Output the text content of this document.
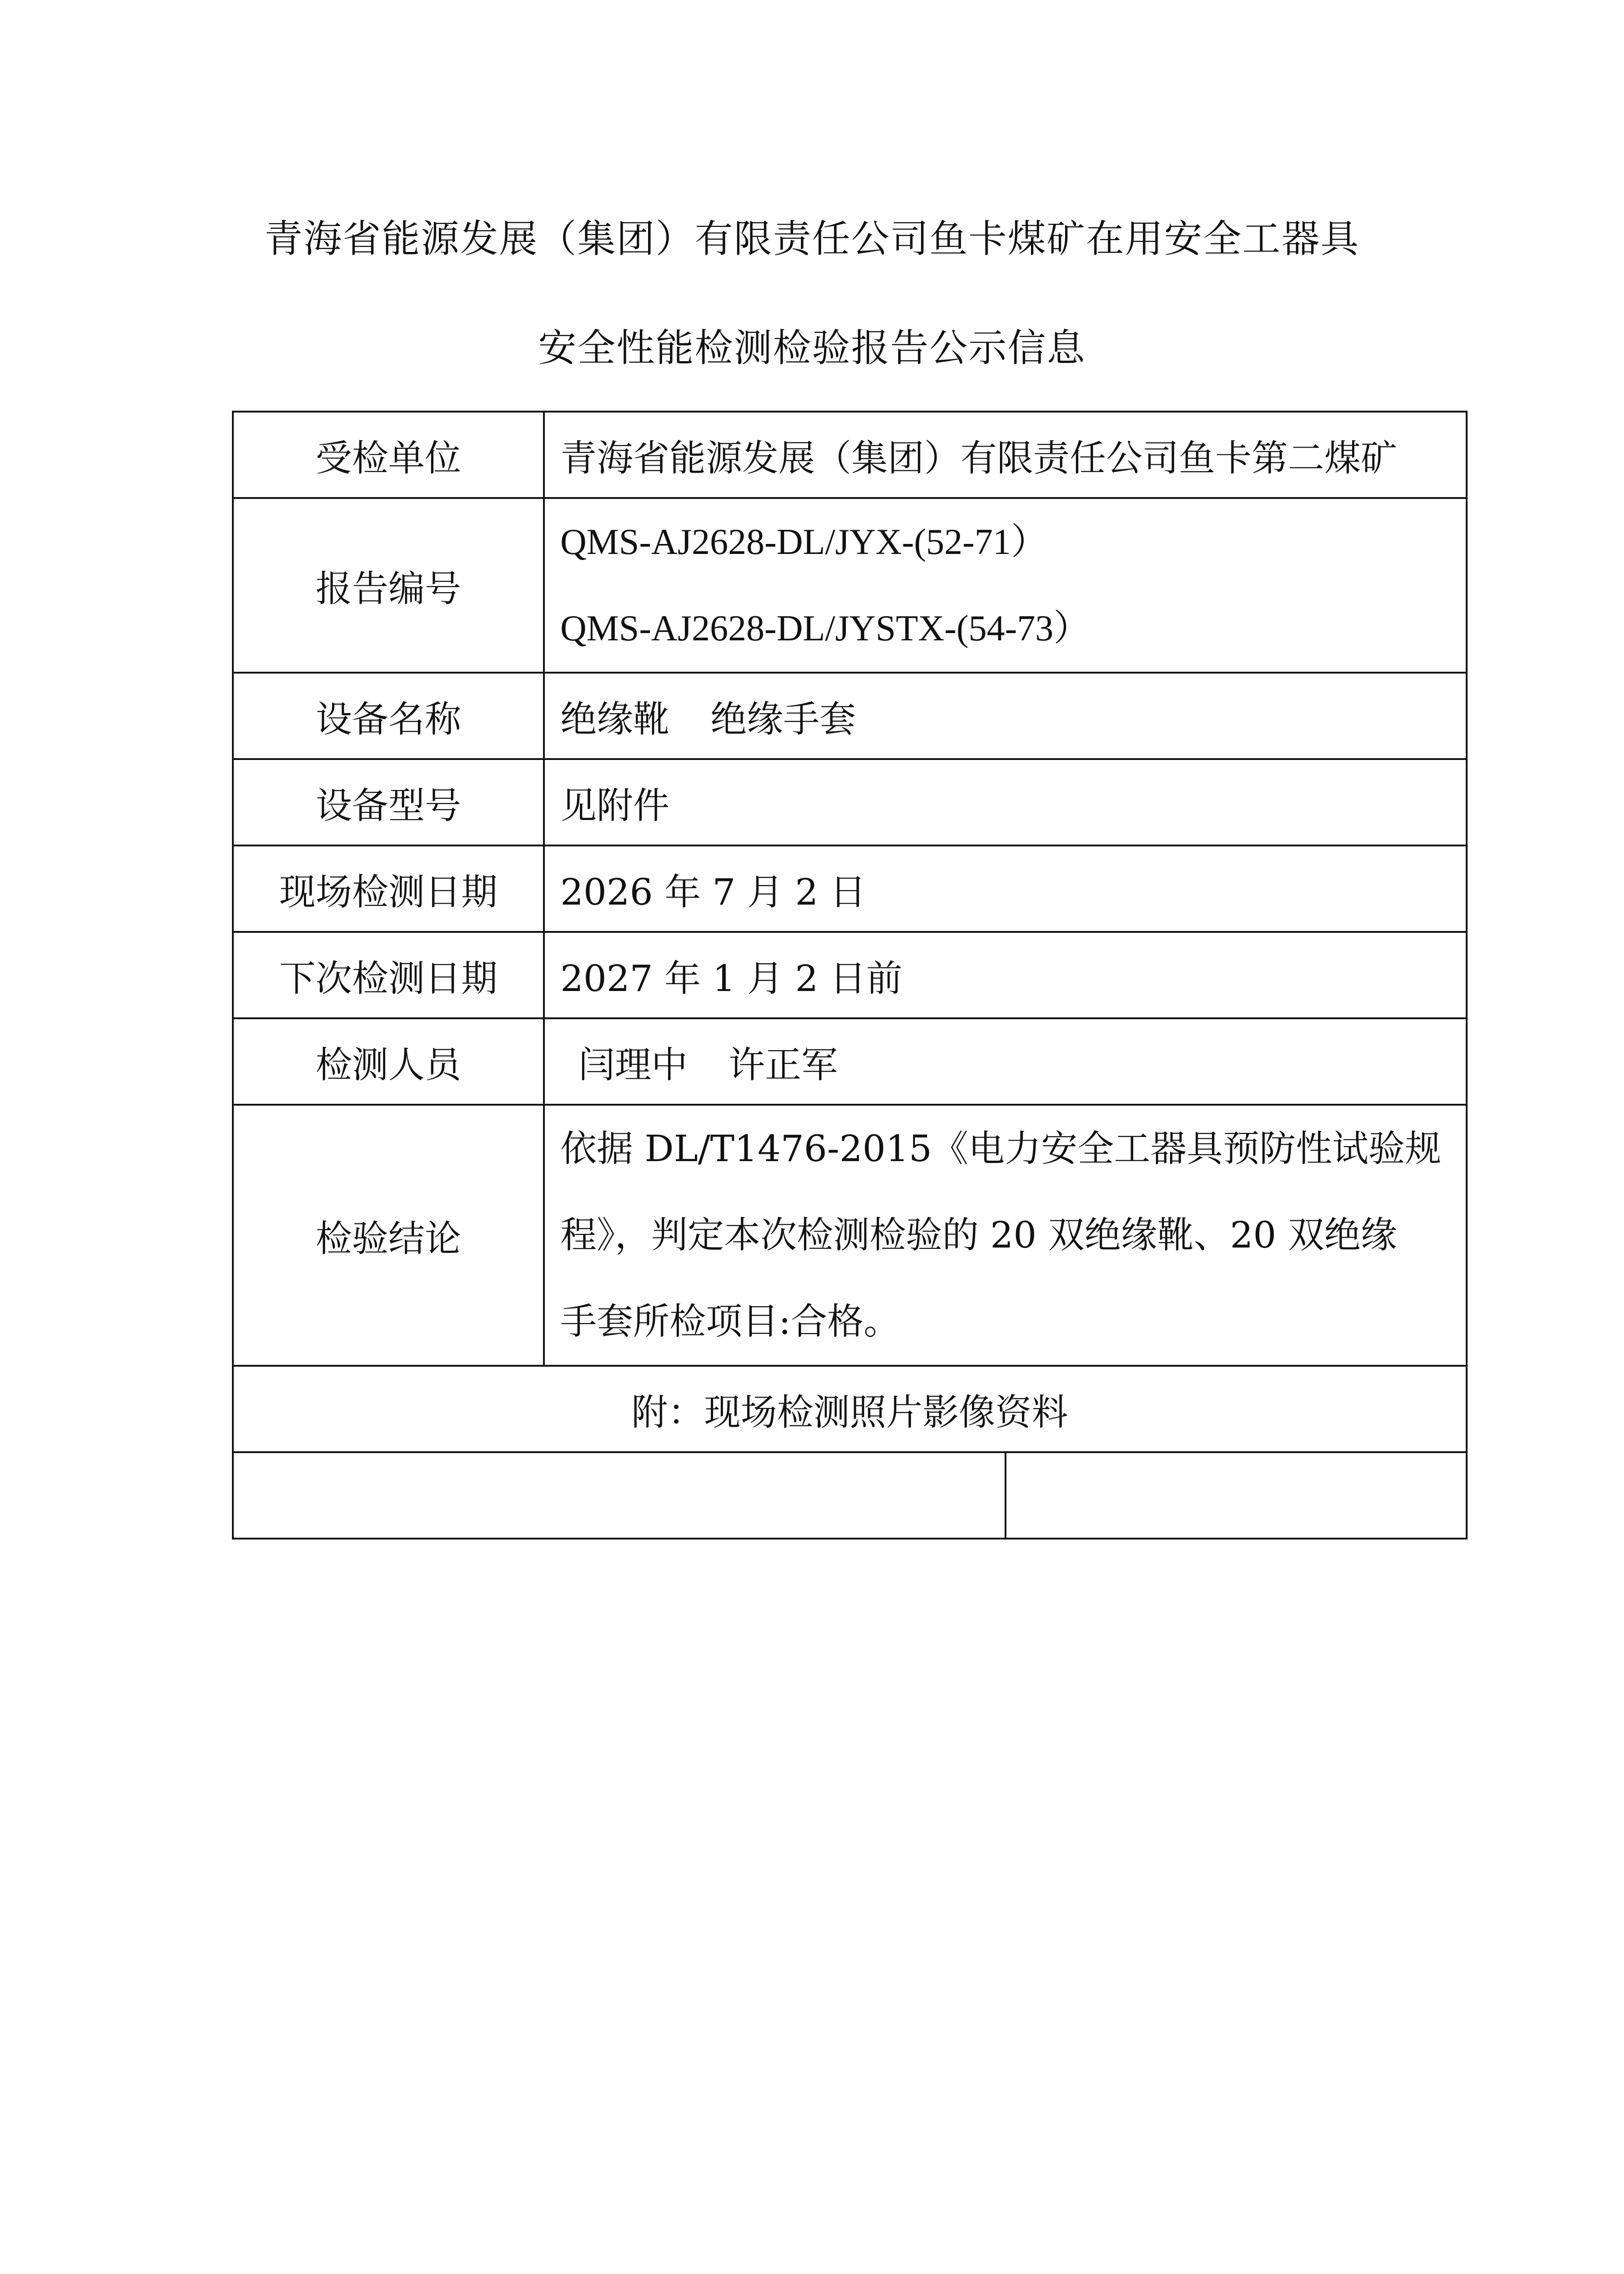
青海省能源发展（集团）有限责任公司鱼卡煤矿在用安全工器具
安全性能检测检验报告公示信息
受检单位	青海省能源发展（集团）有限责任公司鱼卡第二煤矿	
报告编号	QMS-AJ2628-DL/JYX-(52-71）
QMS-AJ2628-DL/JYSTX-(54-73）	

设备名称	绝缘靴 绝缘手套	
设备型号	见附件	
现场检测日期	2026 年 7 月 2 日	
下次检测日期	2027 年 1 月 2 日前	
检测人员	闫理中 许正军	
检验结论	依据 DL/T1476-2015《电力安全工器具预防性试验规
程》，判定本次检测检验的 20 双绝缘靴、20 双绝缘
手套所检项目:合格。	

附：现场检测照片影像资料		
